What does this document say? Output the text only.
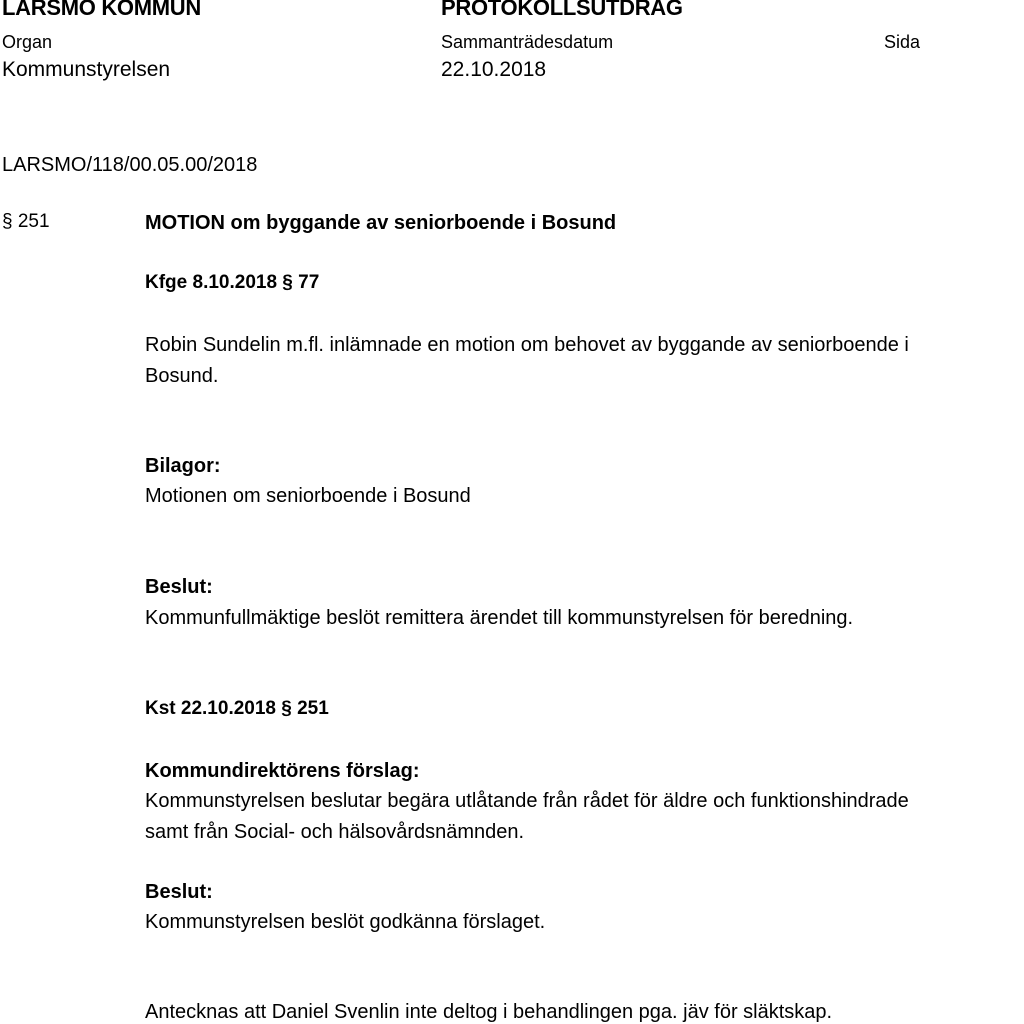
LARSMO KOMMUN	PROTOKOLLSUTDRAG
Organ	Sammanträdesdatum	Sida
Kommunstyrelsen	22.10.2018
LARSMO/118/00.05.00/2018
§ 251	MOTION om byggande av seniorboende i Bosund
Kfge 8.10.2018 § 77
Robin Sundelin m.fl. inlämnade en motion om behovet av byggande av seniorboende i
Bosund.
Bilagor:
Motionen om seniorboende i Bosund
Beslut:
Kommunfullmäktige beslöt remittera ärendet till kommunstyrelsen för beredning.
Kst 22.10.2018 § 251
Kommundirektörens förslag:
Kommunstyrelsen beslutar begära utlåtande från rådet för äldre och funktionshindrade
samt från Social- och hälsovårdsnämnden.
Beslut:
Kommunstyrelsen beslöt godkänna förslaget.
Antecknas att Daniel Svenlin inte deltog i behandlingen pga. jäv för släktskap.
